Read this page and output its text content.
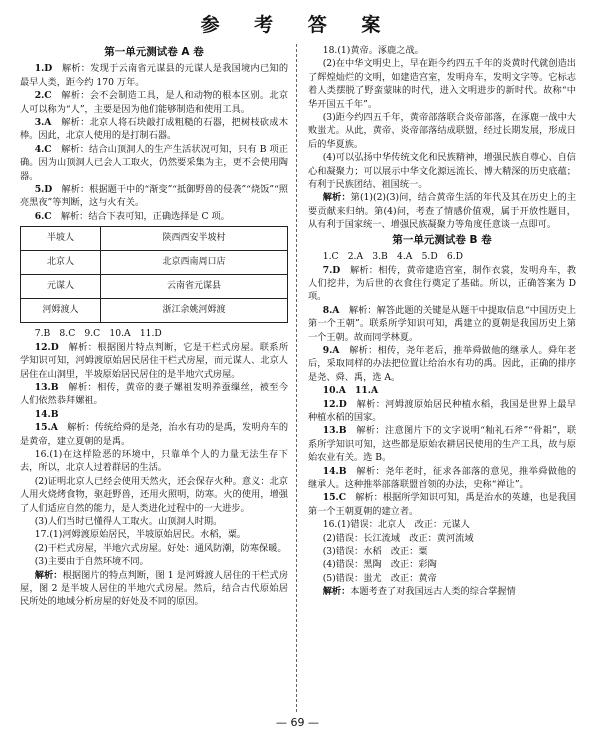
参 考 答 案
第一单元测试卷 A 卷

1.D　 解析：发现于云南省元谋县的元谋人是我国境内已知的最早人类，距今约 170 万年。

2.C　 解析：会不会制造工具，是人和动物的根本区别。北京人可以称为“人”，主要是因为他们能够制造和使用工具。

3.A　 解析：北京人将石块敲打成粗糙的石器，把树枝砍成木棒。因此，北京人使用的是打制石器。

4.C　 解析：结合山顶洞人的生产生活状况可知，只有 B 项正确。因为山顶洞人已会人工取火，仍然要采集为主，更不会使用陶器。

5.D　 解析：根据题干中的“渐变”“抵御野兽的侵袭”“烧饭”“照亮黑夜”等判断，这与火有关。

6.C　 解析：结合下表可知，正确选择是 C 项。

半坡人	陕西西安半坡村
北京人	北京西南周口店
元谋人	云南省元谋县
河姆渡人	浙江余姚河姆渡

7.B　8.C　9.C　10.A　11.D

12.D　 解析：根据图片特点判断，它是干栏式房屋。联系所学知识可知，河姆渡原始居民居住干栏式房屋，而元谋人、北京人居住在山洞里，半坡原始居民居住的是半地穴式房屋。

13.B　 解析：相传，黄帝的妻子嫘祖发明养蚕缫丝，被至今人们依然恭拜嫘祖。

14.B

15.A　 解析：传统给舜的是尧，治水有功的是禹，发明舟车的是黄帝，建立夏朝的是禹。

16.(1)在这样险恶的环境中，只靠单个人的力量无法生存下去，所以，北京人过着群居的生活。

(2)证明北京人已经会使用天然火，还会保存火种。意义：北京人用火烧烤食物，驱赶野兽，还用火照明，防寒。火的使用，增强了人们适应自然的能力，是人类进化过程中的一大进步。

(3)人们当时已懂得人工取火。山顶洞人时期。

17.(1)河姆渡原始居民，半坡原始居民。水稻，粟。

(2)干栏式房屋，半地穴式房屋。好处：通风防潮，防寒保暖。

(3)主要由于自然环境不同。

解析：根据图片的特点判断，图 1 是河姆渡人居住的干栏式房屋，图 2 是半坡人居住的半地穴式房屋。然后，结合古代原始居民所处的地域分析房屋的好处及不同的原因。

18.(1)黄帝。涿鹿之战。

(2)在中华文明史上，早在距今约四五千年的炎黄时代就创造出了辉煌灿烂的文明，如建造宫室，发明舟车，发明文字等。它标志着人类摆脱了野蛮蒙昧的时代，进入文明进步的新时代。故称“中华开国五千年”。

(3)距今约四五千年，黄帝部落联合炎帝部落，在涿鹿一战中大败蚩尤。从此，黄帝、炎帝部落结成联盟，经过长期发展，形成日后的华夏族。

(4)可以弘扬中华传统文化和民族精神，增强民族自尊心、自信心和凝聚力；可以展示中华文化源远流长、博大精深的历史底蕴；有利于民族团结、祖国统一。

解析：第(1)(2)(3)问，结合黄帝生活的年代及其在历史上的主要贡献来归纳。第(4)问，考查了情感价值观，属于开放性题目，从有利于国家统一、增强民族凝聚力等角度任意谈一点即可。

第一单元测试卷 B 卷

1.C　2.A　3.B　4.A　5.D　6.D

7.D　 解析：相传，黄帝建造宫室，制作衣裳，发明舟车，教人们挖井，为后世的衣食住行奠定了基础。所以，正确答案为 D 项。

8.A　 解析：解答此题的关键是从题干中提取信息“中国历史上第一个王朝”。联系所学知识可知，禹建立的夏朝是我国历史上第一个王朝。故而同学林夏。

9.A　 解析：相传，尧年老后，推举舜做他的继承人。舜年老后，采取同样的办法把位置让给治水有功的禹。因此，正确的排序是尧、舜、禹，选 A。

10.A　11.A

12.D　 解析：河姆渡原始居民种植水稻，我国是世界上最早种植水稻的国家。

13.B　 解析：注意图片下的文字说明“籼礼石斧”“骨耜”，联系所学知识可知，这些都是原始农耕居民使用的生产工具，故与原始农业有关。选 B。

14.B　 解析：尧年老时，征求各部落的意见，推举舜做他的继承人。这种推举部落联盟首领的办法，史称“禅让”。

15.C　 解析：根据所学知识可知，禹是治水的英雄，也是我国第一个王朝夏朝的建立者。

16.(1)错误：北京人　 改正：元谋人

(2)错误：长江流域　 改正：黄河流域

(3)错误：水稻　 改正：粟

(4)错误：黑陶　 改正：彩陶

(5)错误：蚩尤　 改正：黄帝

解析：本题考查了对我国远古人类的综合掌握情

— 69 —
